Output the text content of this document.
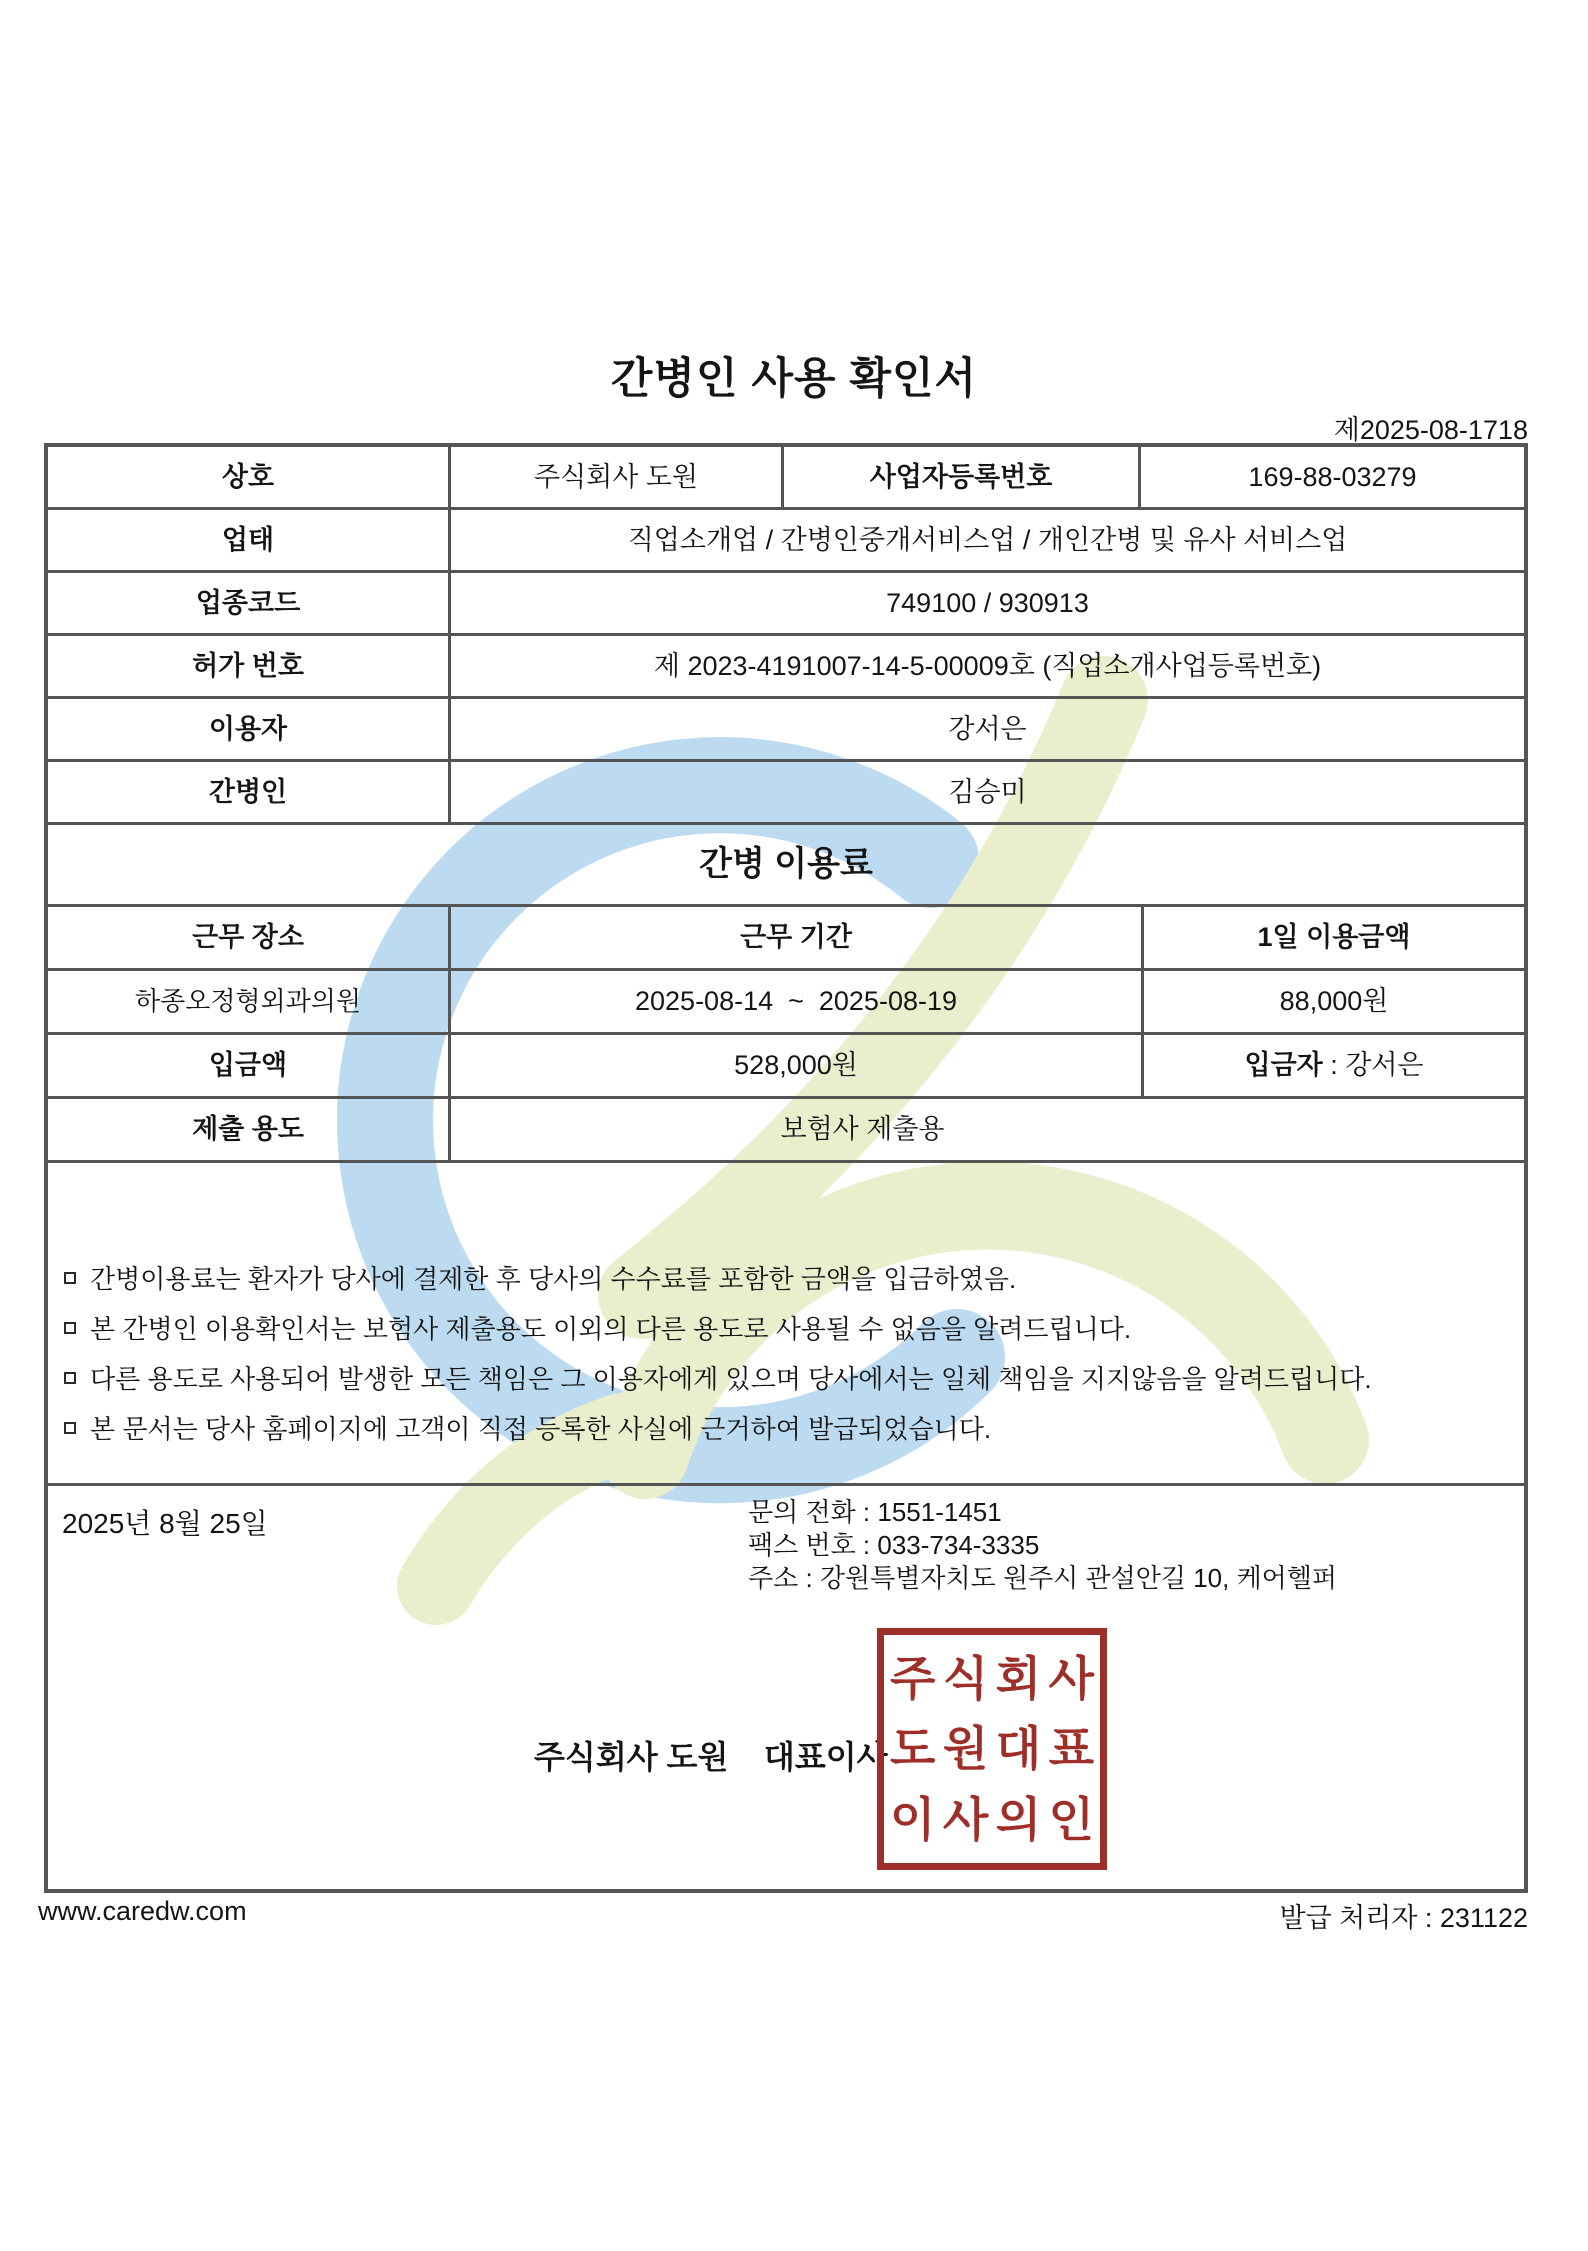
간병인 사용 확인서
제2025-08-1718
상호	주식회사 도원	사업자등록번호	169-88-03279
업태	직업소개업 / 간병인중개서비스업 / 개인간병 및 유사 서비스업
업종코드	749100 / 930913
허가 번호	제 2023-4191007-14-5-00009호 (직업소개사업등록번호)
이용자	강서은
간병인	김승미
간병 이용료
근무 장소	근무 기간	1일 이용금액
하종오정형외과의원	2025-08-14  ~  2025-08-19	88,000원
입금액	528,000원	입금자 : 강서은
제출 용도	보험사 제출용
간병이용료는 환자가 당사에 결제한 후 당사의 수수료를 포함한 금액을 입금하였음.
본 간병인 이용확인서는 보험사 제출용도 이외의 다른 용도로 사용될 수 없음을 알려드립니다.
다른 용도로 사용되어 발생한 모든 책임은 그 이용자에게 있으며 당사에서는 일체 책임을 지지않음을 알려드립니다.
본 문서는 당사 홈페이지에 고객이 직접 등록한 사실에 근거하여 발급되었습니다.
2025년 8월 25일	문의 전화 : 1551-1451
팩스 번호 : 033-734-3335
주소 : 강원특별자치도 원주시 관설안길 10, 케어헬퍼
주식회사 도원    대표이사
주 식 회 사
도 원 대 표
이 사 의 인
www.caredw.com	발급 처리자 : 231122
